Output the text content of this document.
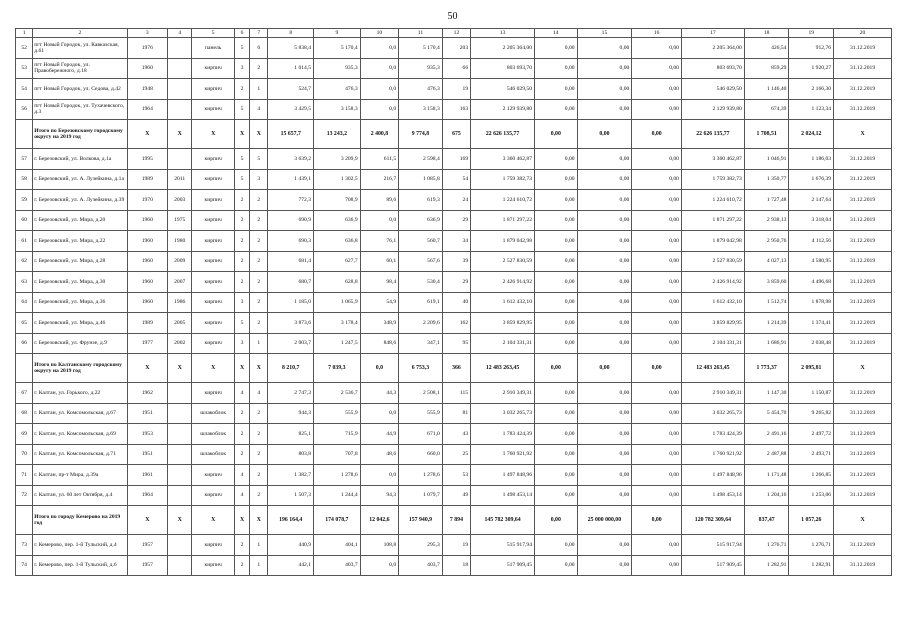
50
1	2	3	4	5	6	7	8	9	10	11	12	13	14	15	16	17	18	19	20
52	пгт Новый Городок, ул. Кавказская, д.61	1976		панель	5	6	5 838,4	5 170,4	0,0	5 170,4	203	2 205 364,00	0,00	0,00	0,00	2 205 364,00	426,54	912,76	31.12.2019
53	пгт Новый Городок, ул. Правобережного, д.18	1960		кирпич	3	2	1 014,5	935,3	0,0	935,3	66	803 693,70	0,00	0,00	0,00	803 693,70	859,29	1 920,27	31.12.2019
54	пгт Новый Городок, ул. Седова, д.42	1948		кирпич	2	1	524,7	476,3	0,0	476,3	19	546 029,50	0,00	0,00	0,00	546 029,50	1 146,40	2 166,30	31.12.2019
56	пгт Новый Городок, ул. Тухачевского, д.3	1964		кирпич	5	4	3 429,5	3 158,3	0,0	3 158,3	163	2 129 939,80	0,00	0,00	0,00	2 129 939,80	674,39	1 123,34	31.12.2019
	Итого по Березовскому городскому округу на 2019 год	X	X	X	X	X	15 657,7	13 243,2	2 400,8	9 774,8	675	22 626 135,77	0,00	0,00	0,00	22 626 135,77	1 708,51	2 024,12	X
57	г. Березовский, ул. Волкова, д.1а	1995		кирпич	5	5	3 639,2	3 209,9	611,5	2 598,4	169	3 360 462,87	0,00	0,00	0,00	3 360 462,87	1 046,91	1 186,03	31.12.2019
58	г. Березовский, ул. А. Лузейкина, д.1а	1989	2011	кирпич	5	3	1 439,1	1 302,5	216,7	1 085,8	54	1 759 382,73	0,00	0,00	0,00	1 759 382,73	1 350,77	1 676,39	31.12.2019
59	г. Березовский, ул. А. Лузейкина, д.39	1970	2003	кирпич	2	2	772,3	708,9	89,6	619,3	24	1 224 610,72	0,00	0,00	0,00	1 224 610,72	1 727,48	2 147,64	31.12.2019
60	г. Березовский, ул. Мира, д.20	1960	1975	кирпич	2	2	690,9	636,9	0,0	636,9	29	1 871 297,22	0,00	0,00	0,00	1 871 297,22	2 938,13	3 318,04	31.12.2019
61	г. Березовский, ул. Мира, д.22	1960	1980	кирпич	2	2	690,3	636,8	76,1	560,7	34	1 879 042,98	0,00	0,00	0,00	1 879 042,98	2 950,76	4 112,56	31.12.2019
62	г. Березовский, ул. Мира, д.28	1960	2009	кирпич	2	2	681,4	627,7	60,1	567,6	39	2 527 830,59	0,00	0,00	0,00	2 527 830,59	4 027,13	4 580,95	31.12.2019
63	г. Березовский, ул. Мира, д.30	1960	2007	кирпич	2	2	680,7	628,8	98,4	530,4	29	2 426 914,92	0,00	0,00	0,00	2 426 914,92	3 859,60	4 496,68	31.12.2019
64	г. Березовский, ул. Мира, д.36	1960	1986	кирпич	3	2	1 185,0	1 065,9	54,9	619,1	40	1 612 432,10	0,00	0,00	0,00	1 612 432,10	1 512,74	1 878,98	31.12.2019
65	г. Березовский, ул. Мира, д.46	1989	2005	кирпич	5	2	3 873,6	3 178,4	348,9	2 209,6	162	3 859 829,95	0,00	0,00	0,00	3 859 829,95	1 214,39	1 374,41	31.12.2019
66	г. Березовский, ул. Фрунзе, д.9	1977	2002	кирпич	3	1	2 003,7	1 247,5	848,6	347,1	95	2 104 331,31	0,00	0,00	0,00	2 104 331,31	1 686,91	2 038,48	31.12.2019
	Итого по Калтанскому городскому округу на 2019 год	X	X	X	X	X	8 210,7	7 039,3	0,0	6 753,3	366	12 483 263,45	0,00	0,00	0,00	12 483 263,45	1 773,37	2 095,81	X
67	г. Калтан, ул. Горького, д.22	1962		кирпич	4	4	2 747,3	2 536,7	44,3	2 508,1	115	2 910 349,31	0,00	0,00	0,00	2 910 349,31	1 147,30	1 150,87	31.12.2019
68	г. Калтан, ул. Комсомольская, д.67	1951		шлакоблок	2	2	944,3	555,9	0,0	555,9	81	3 032 265,73	0,00	0,00	0,00	3 032 265,73	5 454,70	9 265,82	31.12.2019
69	г. Калтан, ул. Комсомольская, д.69	1953		шлакоблок	2	2	825,1	715,9	44,9	671,0	43	1 783 424,39	0,00	0,00	0,00	1 783 424,39	2 491,16	2 497,72	31.12.2019
70	г. Калтан, ул. Комсомольская, д.71	1951		шлакоблок	2	2	803,8	707,8	48,6	660,0	25	1 760 921,92	0,00	0,00	0,00	1 760 921,92	2 487,88	2 493,71	31.12.2019
71	г. Калтан, пр-т Мира, д.39а	1961		кирпич	4	2	1 382,7	1 278,6	0,0	1 278,6	53	1 497 848,96	0,00	0,00	0,00	1 497 848,96	1 171,48	1 266,85	31.12.2019
72	г. Калтан, ул. 60 лет Октября, д.4	1964		кирпич	4	2	1 507,3	1 244,4	94,3	1 079,7	49	1 498 453,14	0,00	0,00	0,00	1 498 453,14	1 204,16	1 253,06	31.12.2019
	Итого по городу Кемерово на 2019 год	X	X	X	X	X	196 164,4	174 078,7	12 042,6	157 940,9	7 894	145 782 309,64	0,00	25 000 000,00	0,00	120 782 309,64	837,47	1 057,26	X
73	г. Кемерово, пер. 1-й Тульский, д.4	1957		кирпич	2	1	440,9	404,1	108,8	295,3	19	515 917,94	0,00	0,00	0,00	515 917,94	1 276,71	1 276,71	31.12.2019
74	г. Кемерово, пер. 1-й Тульский, д.6	1957		кирпич	2	1	442,1	403,7	0,0	403,7	18	517 909,45	0,00	0,00	0,00	517 909,45	1 282,91	1 282,91	31.12.2019
